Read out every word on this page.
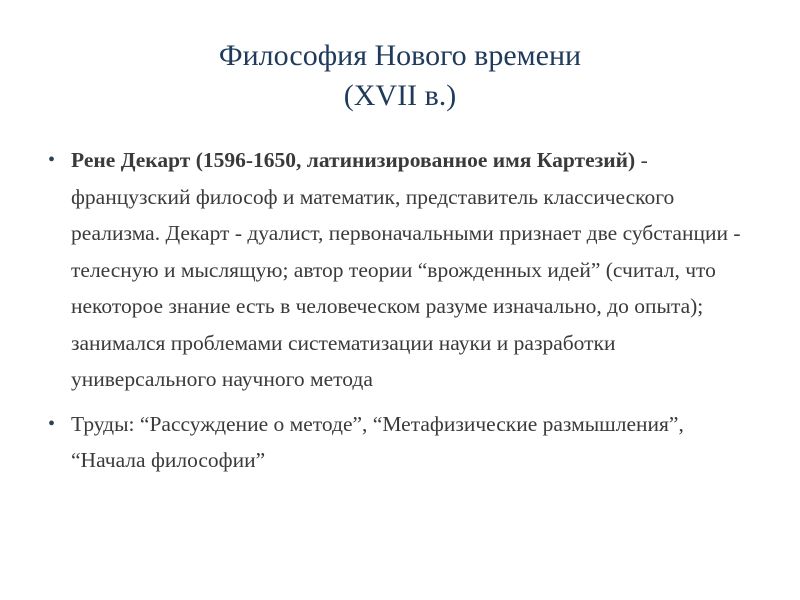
Философия Нового времени
(XVII в.)
• Рене Декарт (1596-1650, латинизированное имя Картезий) - французский философ и математик, представитель классического реализма. Декарт - дуалист, первоначальными признает две субстанции - телесную и мыслящую; автор теории “врожденных идей” (считал, что некоторое знание есть в человеческом разуме изначально, до опыта); занимался проблемами систематизации науки и разработки универсального научного метода
• Труды: “Рассуждение о методе”, “Метафизические размышления”, “Начала философии”
